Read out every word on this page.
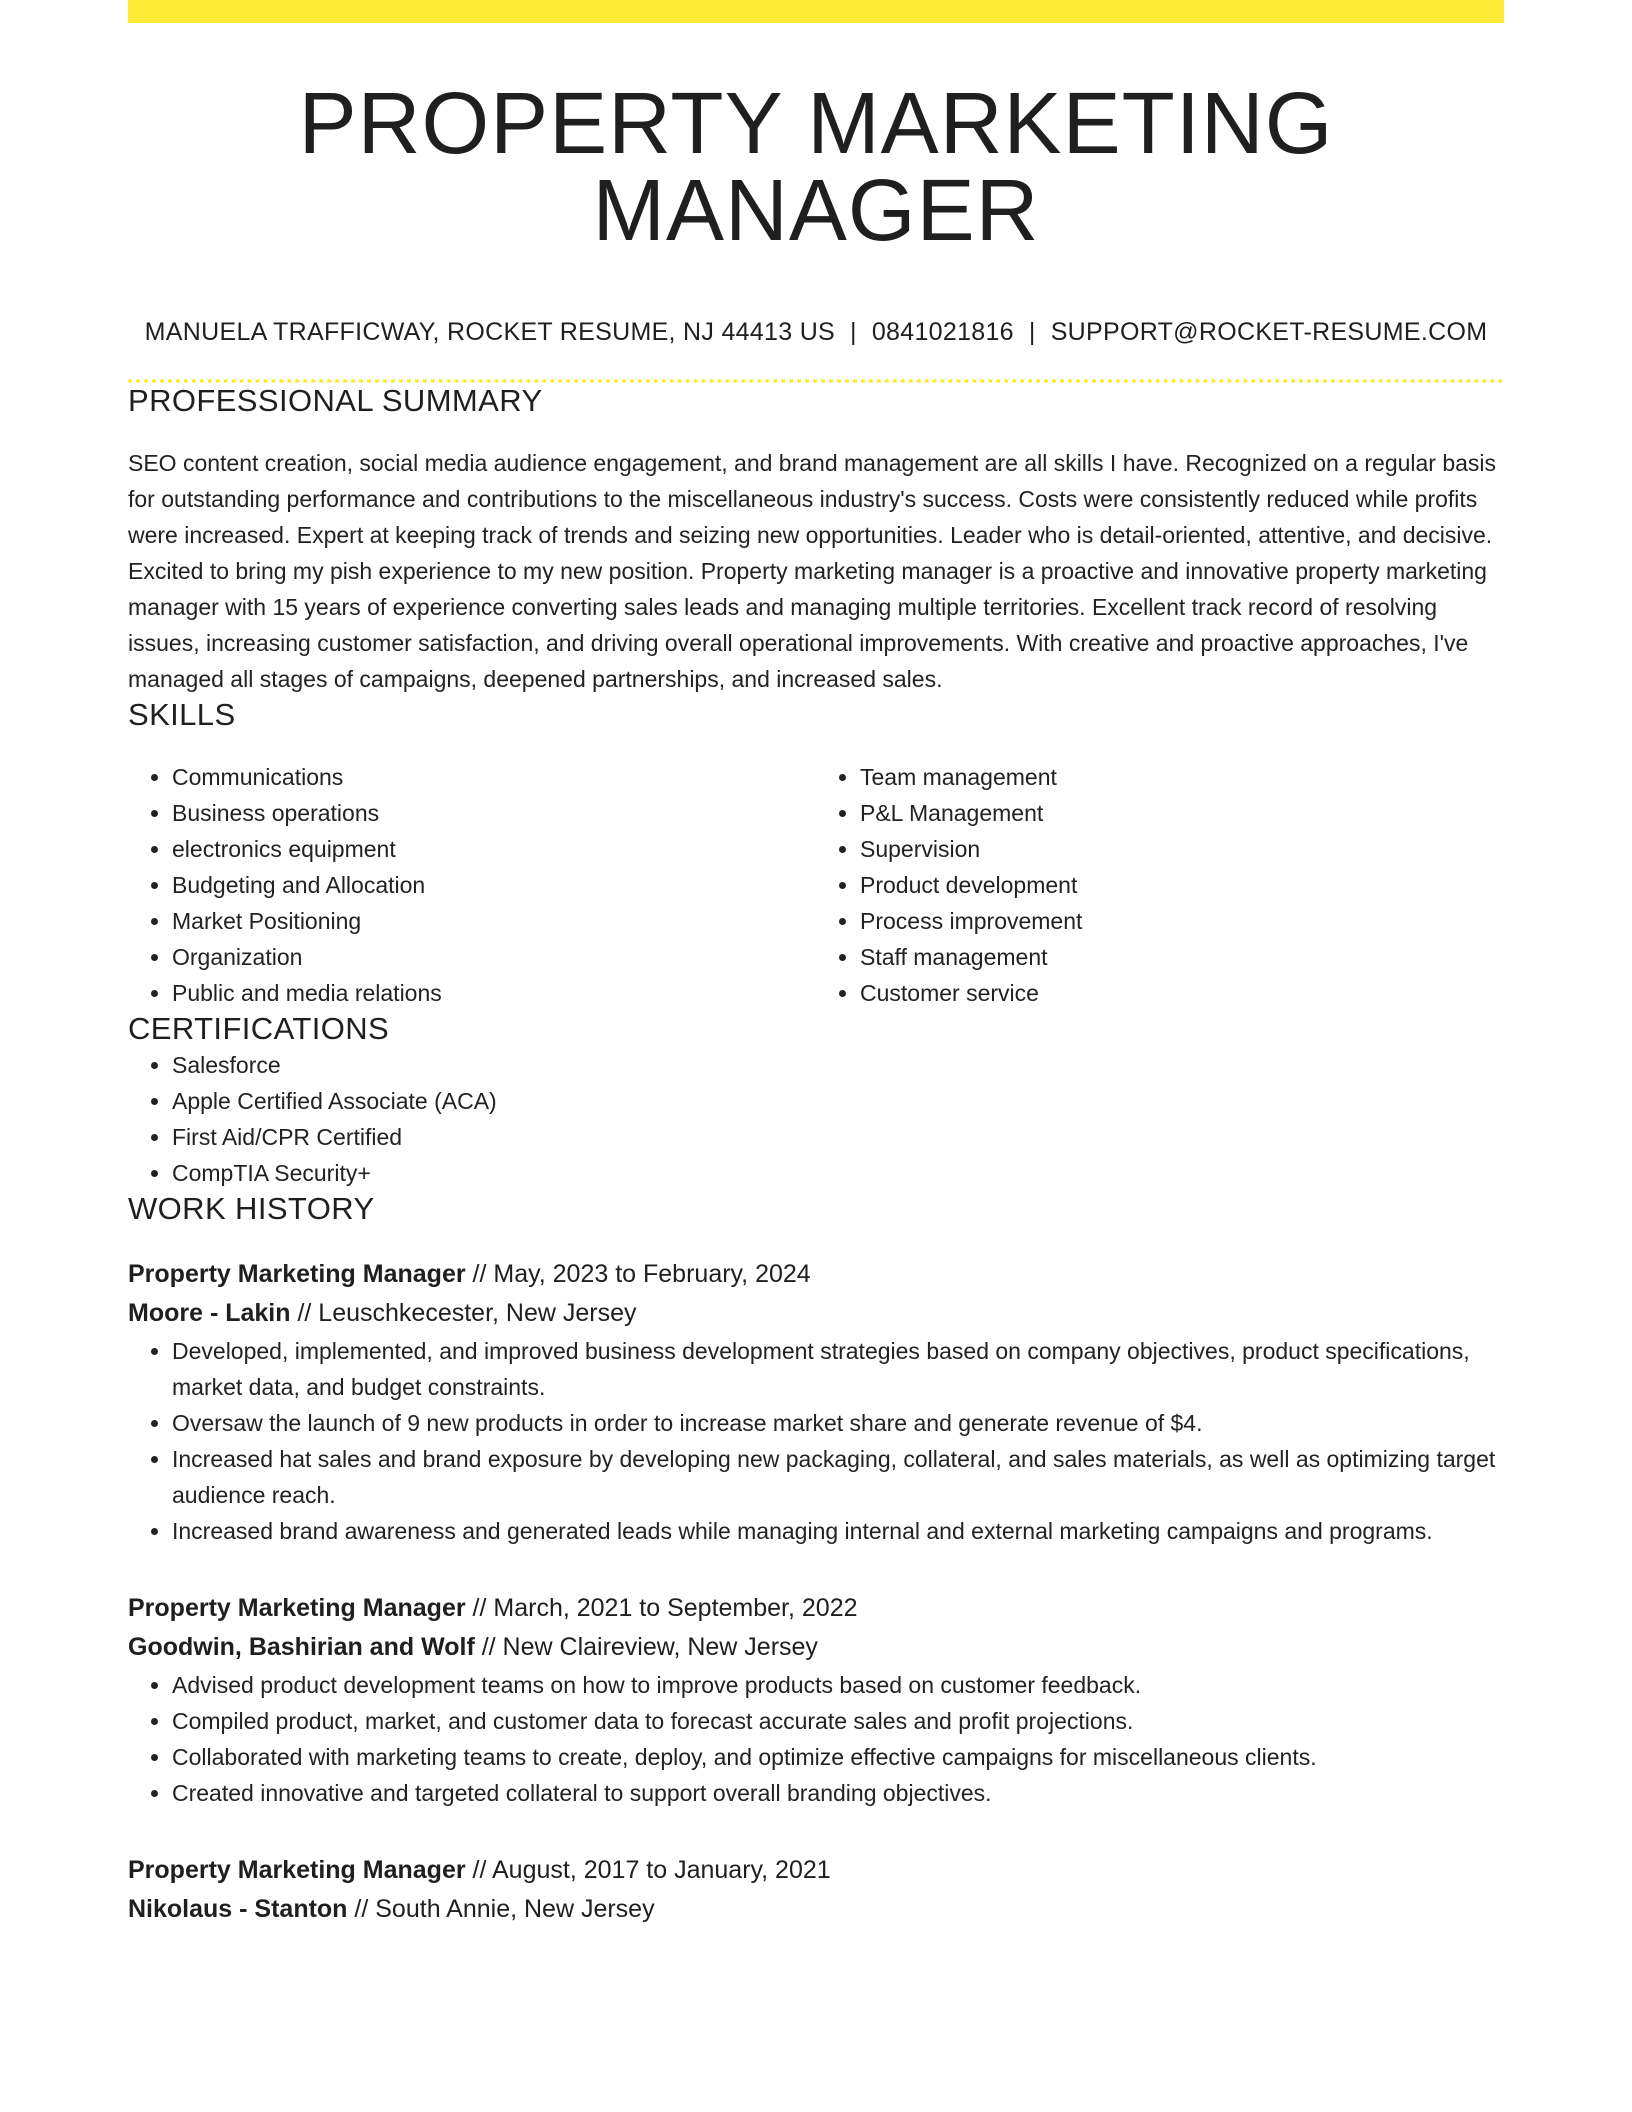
PROPERTY MARKETING MANAGER
MANUELA TRAFFICWAY, ROCKET RESUME, NJ 44413 US | 0841021816 | SUPPORT@ROCKET-RESUME.COM
PROFESSIONAL SUMMARY

SEO content creation, social media audience engagement, and brand management are all skills I have. Recognized on a regular basis for outstanding performance and contributions to the miscellaneous industry's success. Costs were consistently reduced while profits were increased. Expert at keeping track of trends and seizing new opportunities. Leader who is detail-oriented, attentive, and decisive. Excited to bring my pish experience to my new position. Property marketing manager is a proactive and innovative property marketing manager with 15 years of experience converting sales leads and managing multiple territories. Excellent track record of resolving issues, increasing customer satisfaction, and driving overall operational improvements. With creative and proactive approaches, I've managed all stages of campaigns, deepened partnerships, and increased sales.

SKILLS
• Communications
• Business operations
• electronics equipment
• Budgeting and Allocation
• Market Positioning
• Organization
• Public and media relations
• Team management
• P&L Management
• Supervision
• Product development
• Process improvement
• Staff management
• Customer service
CERTIFICATIONS
• Salesforce
• Apple Certified Associate (ACA)
• First Aid/CPR Certified
• CompTIA Security+
WORK HISTORY
Property Marketing Manager // May, 2023 to February, 2024
Moore - Lakin // Leuschkecester, New Jersey
• Developed, implemented, and improved business development strategies based on company objectives, product specifications, market data, and budget constraints.
• Oversaw the launch of 9 new products in order to increase market share and generate revenue of $4.
• Increased hat sales and brand exposure by developing new packaging, collateral, and sales materials, as well as optimizing target audience reach.
• Increased brand awareness and generated leads while managing internal and external marketing campaigns and programs.
Property Marketing Manager // March, 2021 to September, 2022
Goodwin, Bashirian and Wolf // New Claireview, New Jersey
• Advised product development teams on how to improve products based on customer feedback.
• Compiled product, market, and customer data to forecast accurate sales and profit projections.
• Collaborated with marketing teams to create, deploy, and optimize effective campaigns for miscellaneous clients.
• Created innovative and targeted collateral to support overall branding objectives.
Property Marketing Manager // August, 2017 to January, 2021
Nikolaus - Stanton // South Annie, New Jersey
